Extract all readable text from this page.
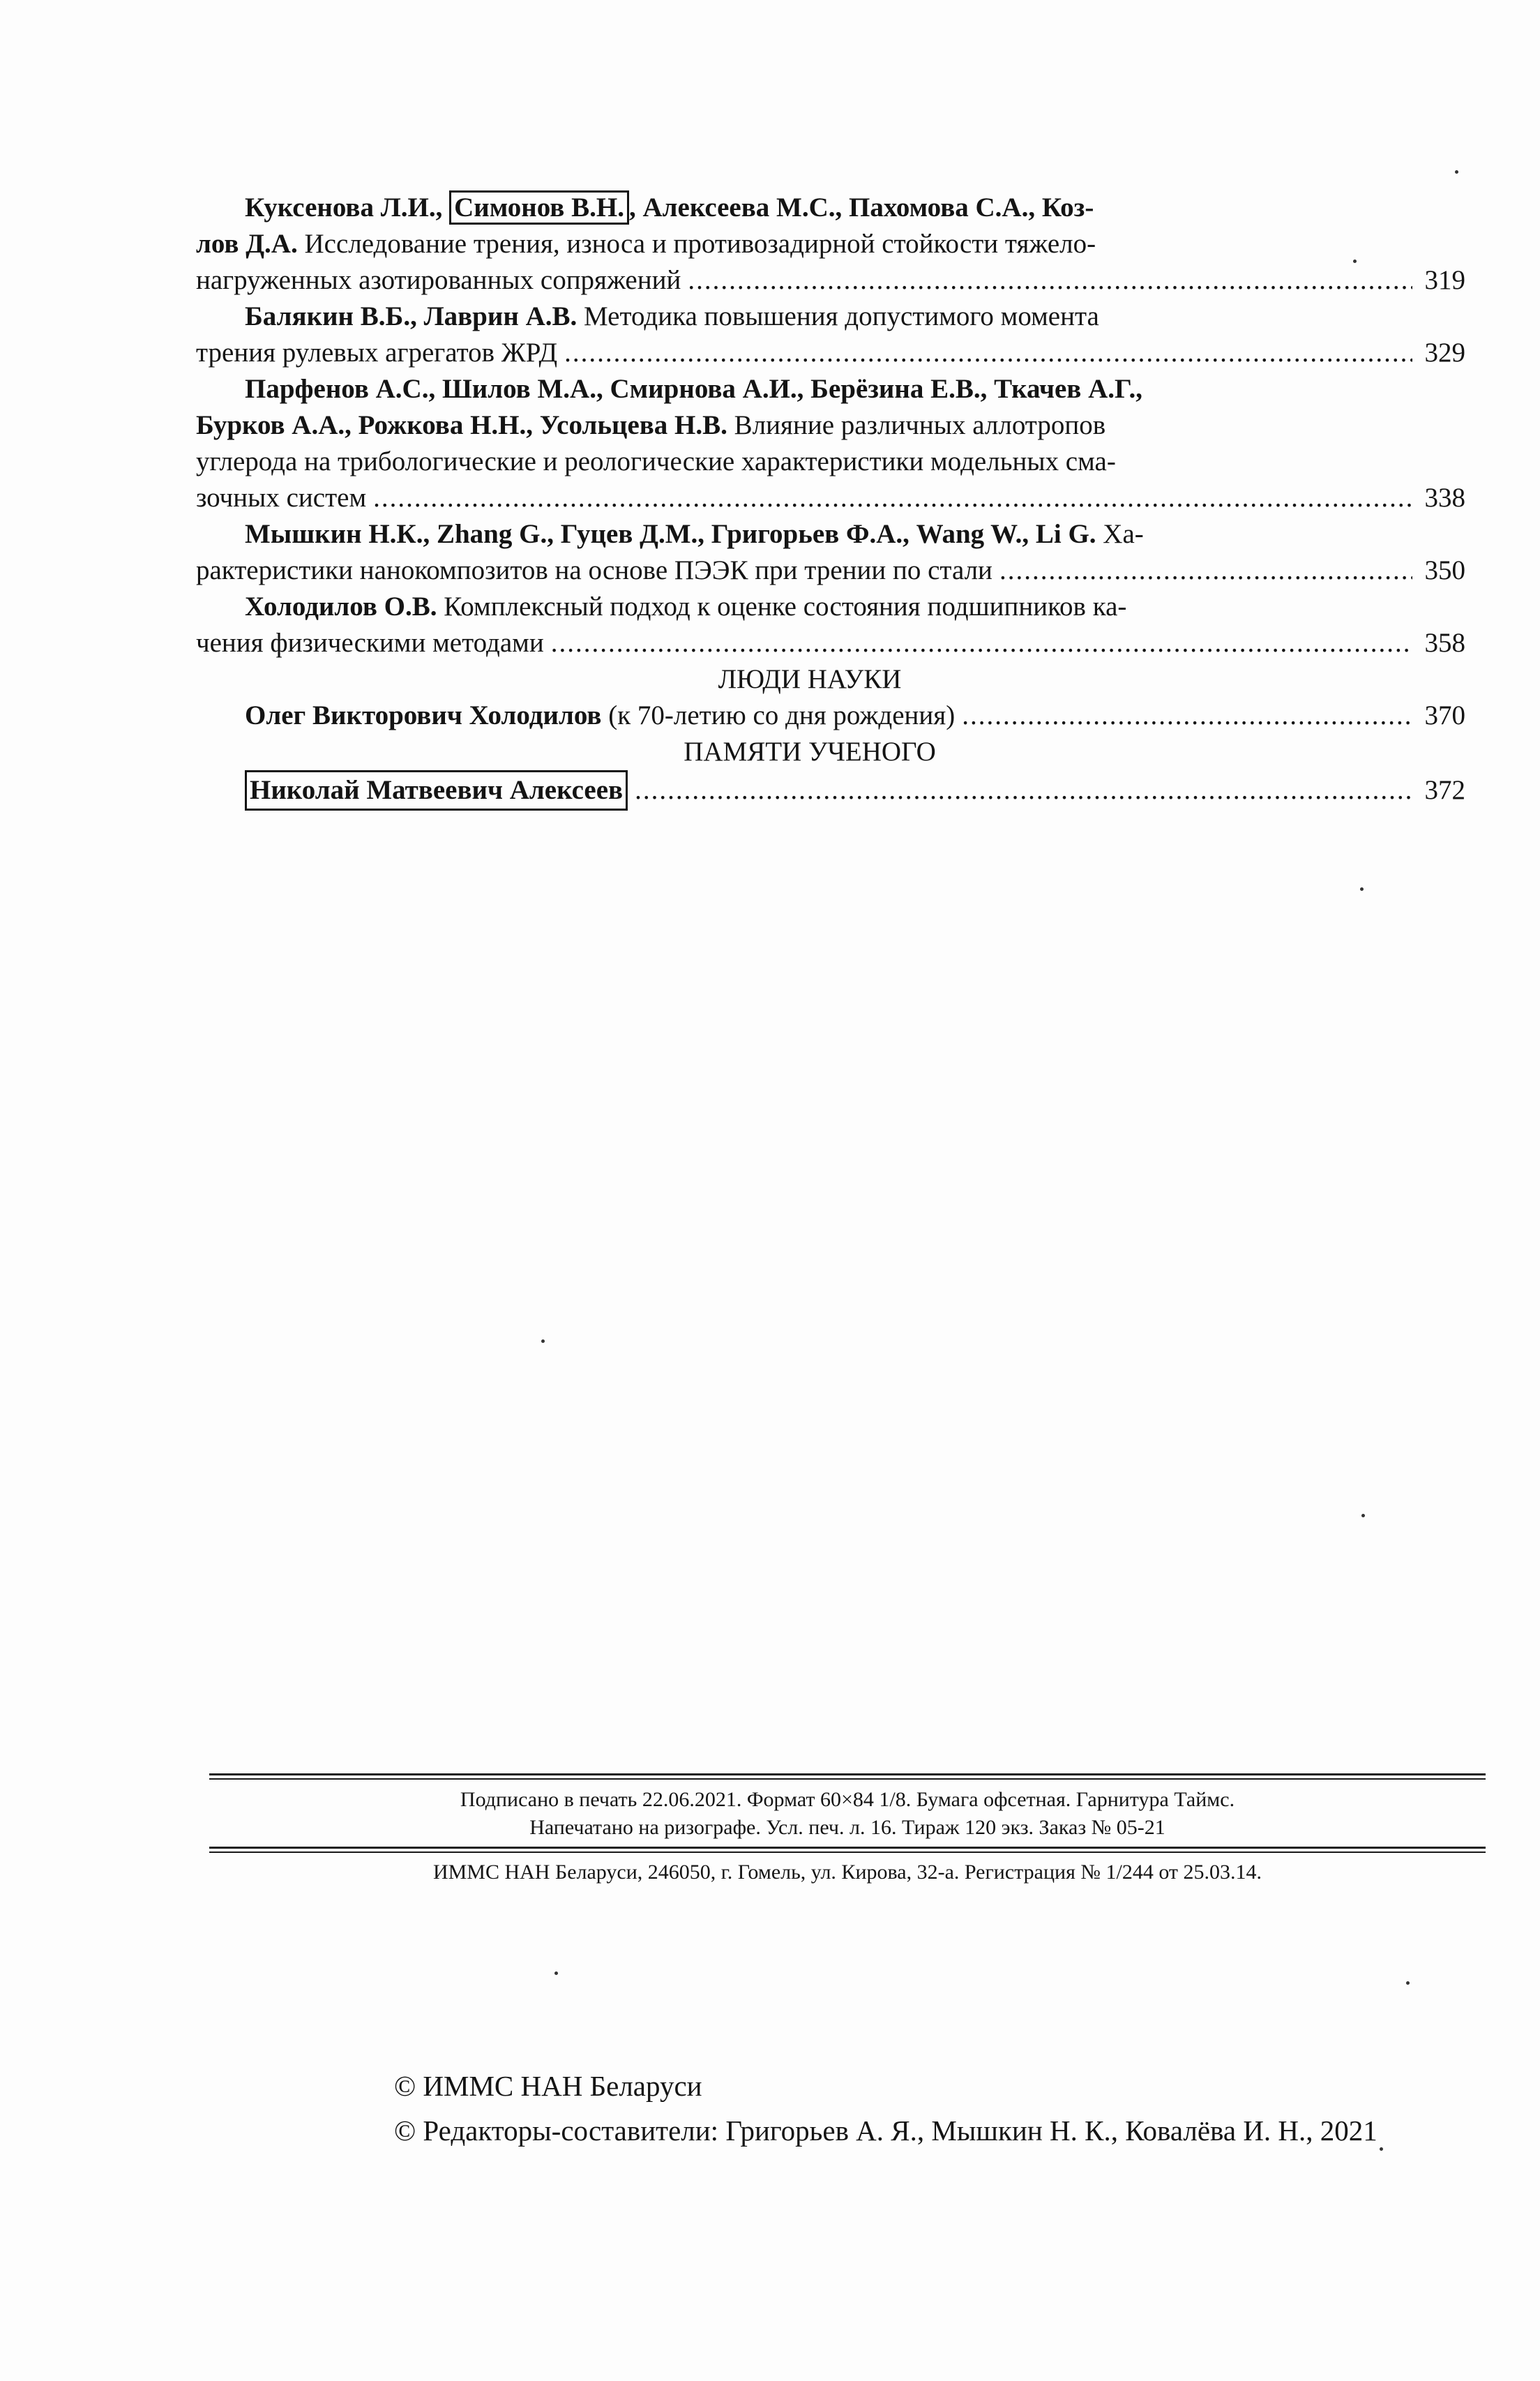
Куксенова Л.И., Симонов В.Н. , Алексеева М.С., Пахомова С.А., Коз-
лов Д.А. Исследование трения, износа и противозадирной стойкости тяжело-
нагруженных азотированных сопряжений .....	319
Балякин В.Б., Лаврин А.В. Методика повышения допустимого момента
трения рулевых агрегатов ЖРД .....	329
Парфенов А.С., Шилов М.А., Смирнова А.И., Берёзина Е.В., Ткачев А.Г.,
Бурков А.А., Рожкова Н.Н., Усольцева Н.В. Влияние различных аллотропов
углерода на трибологические и реологические характеристики модельных сма-
зочных систем .....	338
Мышкин Н.К., Zhang G., Гуцев Д.М., Григорьев Ф.А., Wang W., Li G. Ха-
рактеристики нанокомпозитов на основе ПЭЭК при трении по стали .....	350
Холодилов О.В. Комплексный подход к оценке состояния подшипников ка-
чения физическими методами .....	358
ЛЮДИ НАУКИ
Олег Викторович Холодилов (к 70-летию со дня рождения) .....	370
ПАМЯТИ УЧЕНОГО
Николай Матвеевич Алексеев .....	372
Подписано в печать 22.06.2021. Формат 60×84 1/8. Бумага офсетная. Гарнитура Таймс.
Напечатано на ризографе. Усл. печ. л. 16. Тираж 120 экз. Заказ № 05-21
ИММС НАН Беларуси, 246050, г. Гомель, ул. Кирова, 32-а. Регистрация № 1/244 от 25.03.14.
© ИММС НАН Беларуси
© Редакторы-составители: Григорьев А. Я., Мышкин Н. К., Ковалёва И. Н., 2021
